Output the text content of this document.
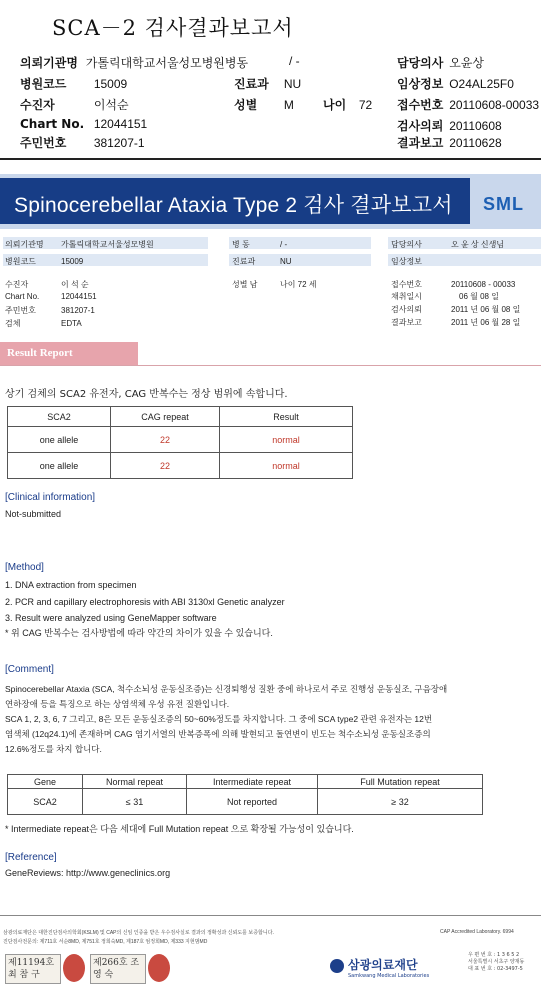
SCA－2 검사결과보고서
의뢰기관명 가톨릭대학교서울성모병원병동	/ -	담당의사 오윤상
병원코드 15009	진료과 NU	임상정보 O24AL25F0
수진자	이석순	성별 M 나이 72 접수번호 20110608-00033
Chart No. 12044151	검사의뢰 20110608
주민번호 381207-1	결과보고 20110628
Spinocerebellar Ataxia Type 2 검사 결과보고서 SML
의뢰기관명 가톨릭대학교서울성모병원
병원코드	15009
수진자	이 석 순
Chart No.	12044151
주민번호	381207-1
검체	EDTA
병 동	/ -
진료과	NU
성별 남	나이 72 세
담당의사	오 윤 상 신생님
임상정보
접수번호	20110608 - 00033
채취일시	06 월 08 일
검사의뢰	2011 년 06 월 08 일
결과보고	2011 년 06 월 28 일
Result Report
상기 검체의 SCA2 유전자, CAG 반복수는 정상 범위에 속합니다.
SCA2	CAG repeat	Result
one allele	22	normal
one allele	22	normal
[Clinical information]
Not-submitted
[Method]
1. DNA extraction from specimen
2. PCR and capillary electrophoresis with ABI 3130xl Genetic analyzer
3. Result were analyzed using GeneMapper software
* 위 CAG 반복수는 검사방법에 따라 약간의 차이가 있을 수 있습니다.
[Comment]
Spinocerebellar Ataxia (SCA, 척수소뇌성 운동실조증)는 신경퇴행성 질환 중에 하나로서 주로 진행성 운동실조, 구음장애
연하장애 등을 특징으로 하는 상염색체 우성 유전 질환입니다.
SCA 1, 2, 3, 6, 7 그리고, 8은 모든 운동실조증의 50~60%정도를 차지합니다. 그 중에 SCA type2 관련 유전자는 12번
염색체 (12q24.1)에 존재하며 CAG 염기서열의 반복증폭에 의해 발현되고 돌연변이 빈도는 척수소뇌성 운동실조증의
12.6%정도를 차지 합니다.
Gene	Normal repeat	Intermediate repeat	Full Mutation repeat
SCA2	≤ 31	Not reported	≥ 32
* Intermediate repeat은 다음 세대에 Full Mutation repeat 으로 확장될 가능성이 있습니다.
[Reference]
GeneReviews: http://www.geneclinics.org
삼광의료재단은 대한진단검사의학회(KSLM) 및 CAP의 신임 인증을 받은 우수검사실로 결과의 정확성과 신뢰도를 보증합니다.
진단검사전문의: 제711호 서순8MD, 제751호 정희숙MD, 제187호 엄정희MD, 제333 지현범MD
CAP Accredited Laboratory. 6994
제11194호 최 참 구
제266호 조 영 숙
삼광의료재단
Samkwang Medical Laboratories
우 편 번 호 : 1 3 6 5 2
서울특별시 서초구 양재동
대 표 번 호 : 02-3497-5
